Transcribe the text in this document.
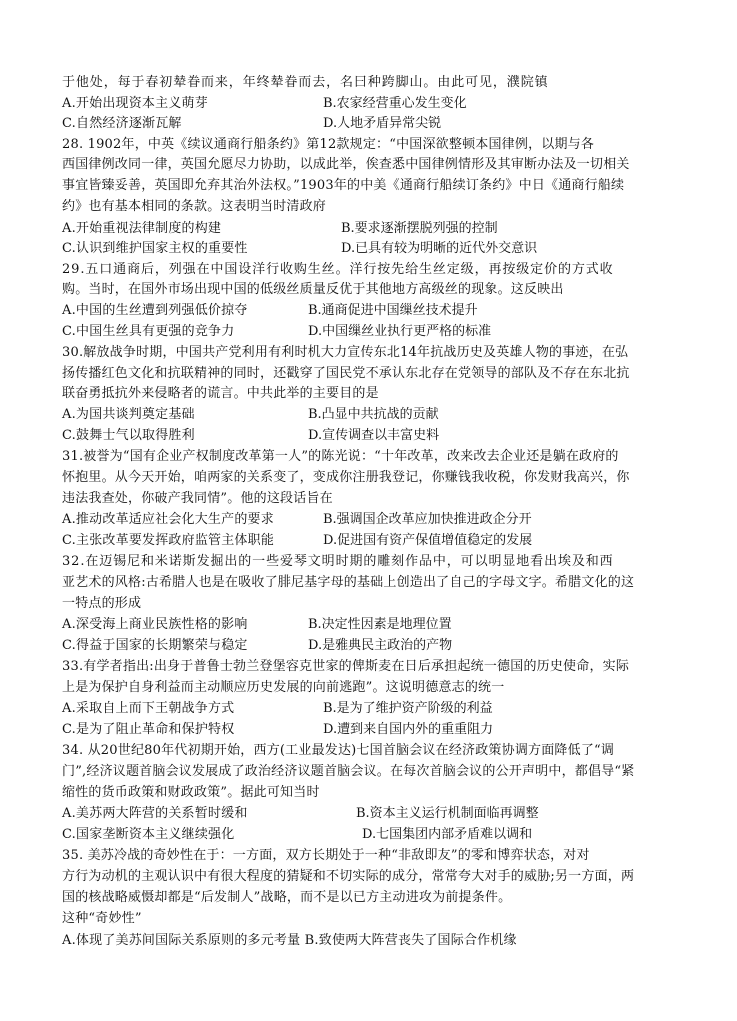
于他处，每于春初辇眷而来，年终辇眷而去，名曰种跨脚山。由此可见，濮院镇
A.开始出现资本主义萌芽	B.农家经营重心发生变化
C.自然经济逐渐瓦解	D.人地矛盾异常尖锐
28. 1902年，中英《续议通商行船条约》第12款规定：“中国深欲整顿本国律例，以期与各
西国律例改同一律，英国允愿尽力协助，以成此举，俟查悉中国律例情形及其审断办法及一切相关
事宜皆臻妥善，英国即允弃其治外法权。”1903年的中美《通商行船续订条约》中日《通商行船续
约》也有基本相同的条款。这表明当时清政府
A.开始重视法律制度的构建	B.要求逐渐摆脱列强的控制
C.认识到维护国家主权的重要性	D.已具有较为明晰的近代外交意识
29.五口通商后，列强在中国设洋行收购生丝。洋行按先给生丝定级，再按级定价的方式收
购。当时，在国外市场出现中国的低级丝质量反优于其他地方高级丝的现象。这反映出
A.中国的生丝遭到列强低价掠夺	B.通商促进中国缫丝技术提升
C.中国生丝具有更强的竞争力	D.中国缫丝业执行更严格的标准
30.解放战争时期，中国共产党利用有利时机大力宣传东北14年抗战历史及英雄人物的事迹，在弘
扬传播红色文化和抗联精神的同时，还戳穿了国民党不承认东北存在党领导的部队及不存在东北抗
联奋勇抵抗外来侵略者的谎言。中共此举的主要目的是
A.为国共谈判奠定基础	B.凸显中共抗战的贡献
C.鼓舞士气以取得胜利	D.宣传调查以丰富史料
31.被誉为“国有企业产权制度改革第一人”的陈光说：“十年改革，改来改去企业还是躺在政府的
怀抱里。从今天开始，咱两家的关系变了，变成你注册我登记，你赚钱我收税，你发财我高兴，你
违法我查处，你破产我同情”。他的这段话旨在
A.推动改革适应社会化大生产的要求	B.强调国企改革应加快推进政企分开
C.主张改革要发挥政府监管主体职能	D.促进国有资产保值增值稳定的发展
32.在迈锡尼和米诺斯发掘出的一些爱琴文明时期的雕刻作品中，可以明显地看出埃及和西
亚艺术的风格:古希腊人也是在吸收了腓尼基字母的基础上创造出了自己的字母文字。希腊文化的这
一特点的形成
A.深受海上商业民族性格的影响	B.决定性因素是地理位置
C.得益于国家的长期繁荣与稳定	D.是雅典民主政治的产物
33.有学者指出:出身于普鲁士勃兰登堡容克世家的俾斯麦在日后承担起统一德国的历史使命，实际
上是为保护自身利益而主动顺应历史发展的向前逃跑”。这说明德意志的统一
A.采取自上而下王朝战争方式	B.是为了维护资产阶级的利益
C.是为了阻止革命和保护特权	D.遭到来自国内外的重重阻力
34. 从20世纪80年代初期开始，西方(工业最发达)七国首脑会议在经济政策协调方面降低了“调
门”,经济议题首脑会议发展成了政治经济议题首脑会议。在每次首脑会议的公开声明中，都倡导“紧
缩性的货币政策和财政政策”。据此可知当时
A.美苏两大阵营的关系暂时缓和	B.资本主义运行机制面临再调整
C.国家垄断资本主义继续强化	D.七国集团内部矛盾难以调和
35. 美苏冷战的奇妙性在于：一方面，双方长期处于一种“非敌即友”的零和博弈状态，对对
方行为动机的主观认识中有很大程度的猜疑和不切实际的成分，常常夸大对手的威胁;另一方面，两
国的核战略威慑却都是“后发制人”战略，而不是以已方主动进攻为前提条件。
这种“奇妙性”
A.体现了美苏间国际关系原则的多元考量 B.致使两大阵营丧失了国际合作机缘
